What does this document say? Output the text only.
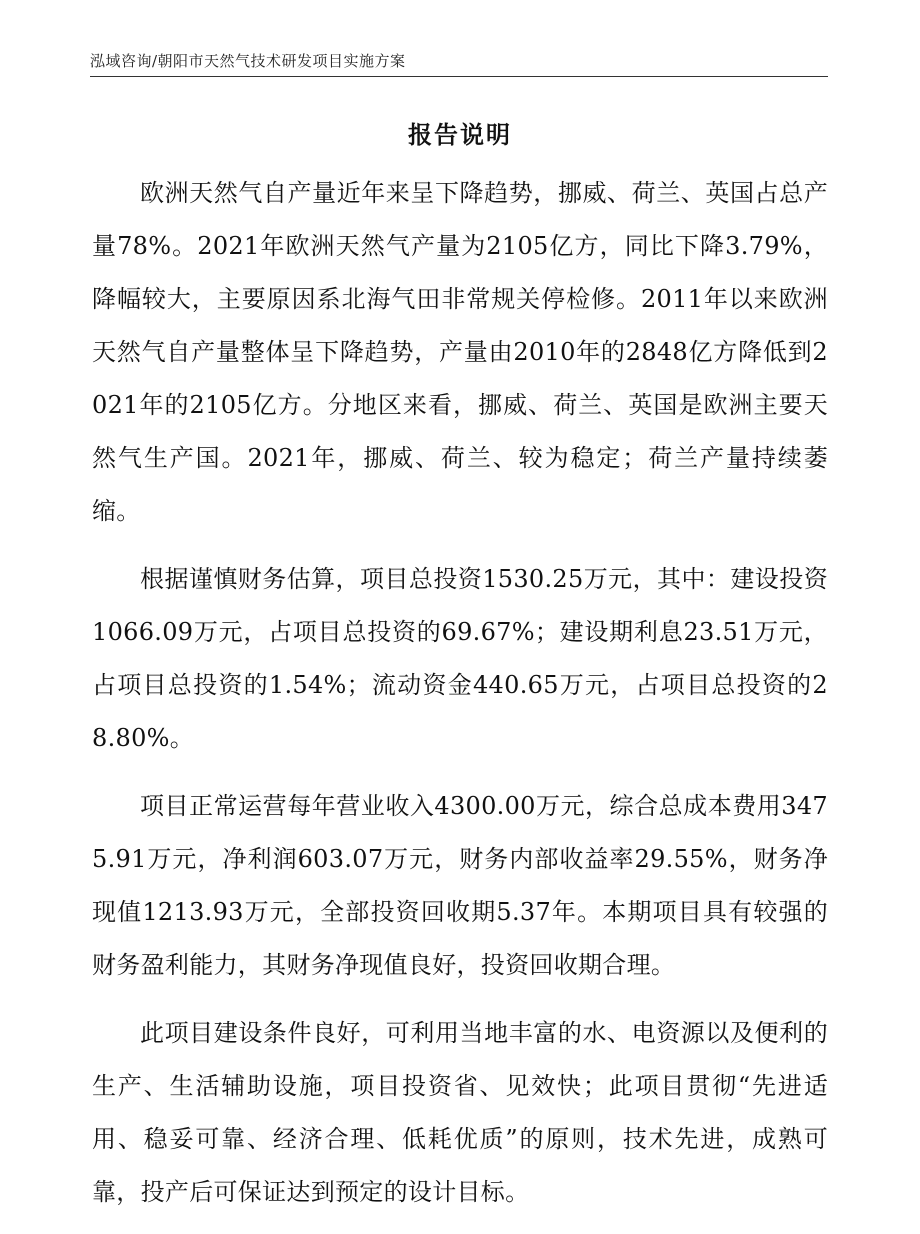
泓域咨询/朝阳市天然气技术研发项目实施方案
报告说明

欧洲天然气自产量近年来呈下降趋势，挪威、荷兰、英国占总产量78%。2021年欧洲天然气产量为2105亿方，同比下降3.79%，降幅较大，主要原因系北海气田非常规关停检修。2011年以来欧洲天然气自产量整体呈下降趋势，产量由2010年的2848亿方降低到2021年的2105亿方。分地区来看，挪威、荷兰、英国是欧洲主要天然气生产国。2021年，挪威、荷兰、较为稳定；荷兰产量持续萎缩。

根据谨慎财务估算，项目总投资1530.25万元，其中：建设投资1066.09万元，占项目总投资的69.67%；建设期利息23.51万元，占项目总投资的1.54%；流动资金440.65万元，占项目总投资的28.80%。

项目正常运营每年营业收入4300.00万元，综合总成本费用3475.91万元，净利润603.07万元，财务内部收益率29.55%，财务净现值1213.93万元，全部投资回收期5.37年。本期项目具有较强的财务盈利能力，其财务净现值良好，投资回收期合理。

此项目建设条件良好，可利用当地丰富的水、电资源以及便利的生产、生活辅助设施，项目投资省、见效快；此项目贯彻“先进适用、稳妥可靠、经济合理、低耗优质”的原则，技术先进，成熟可靠，投产后可保证达到预定的设计目标。
